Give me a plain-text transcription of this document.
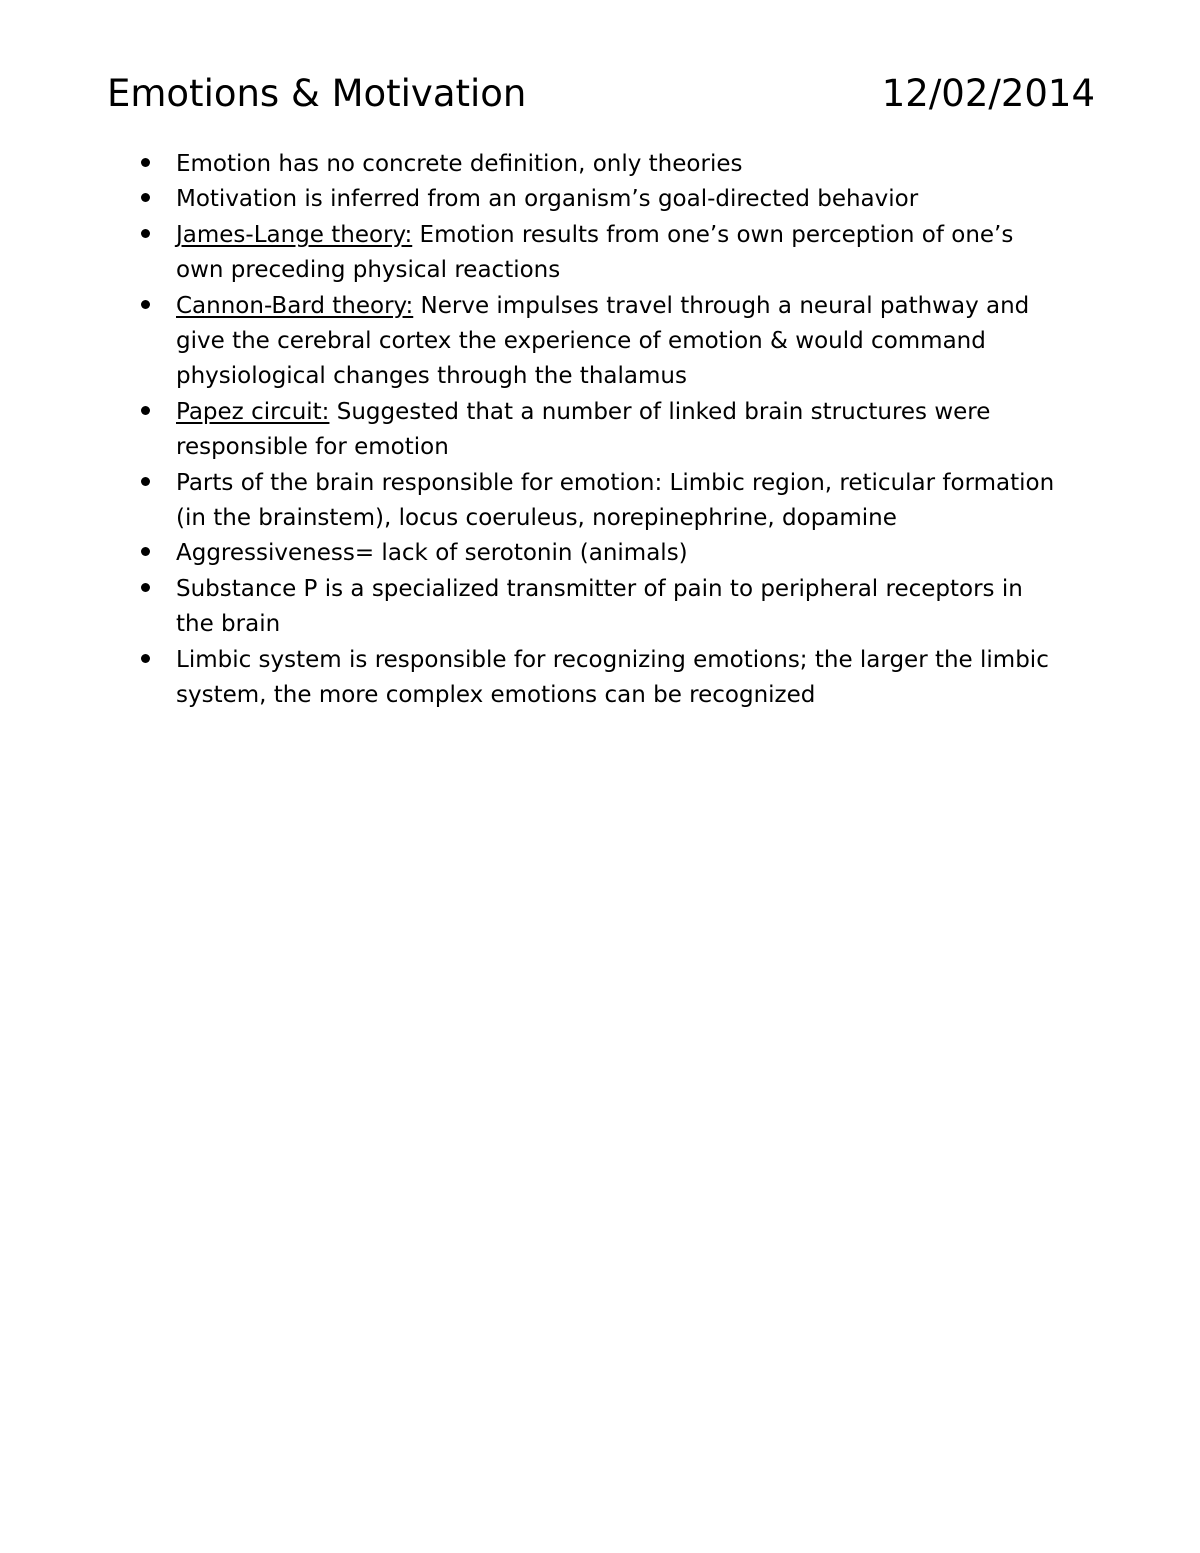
Emotions & Motivation	12/02/2014
Emotion has no concrete definition, only theories
Motivation is inferred from an organism’s goal-directed behavior
James-Lange theory: Emotion results from one’s own perception of one’s own preceding physical reactions
Cannon-Bard theory: Nerve impulses travel through a neural pathway and give the cerebral cortex the experience of emotion & would command physiological changes through the thalamus
Papez circuit: Suggested that a number of linked brain structures were responsible for emotion
Parts of the brain responsible for emotion: Limbic region, reticular formation (in the brainstem), locus coeruleus, norepinephrine, dopamine
Aggressiveness= lack of serotonin (animals)
Substance P is a specialized transmitter of pain to peripheral receptors in the brain
Limbic system is responsible for recognizing emotions; the larger the limbic system, the more complex emotions can be recognized
